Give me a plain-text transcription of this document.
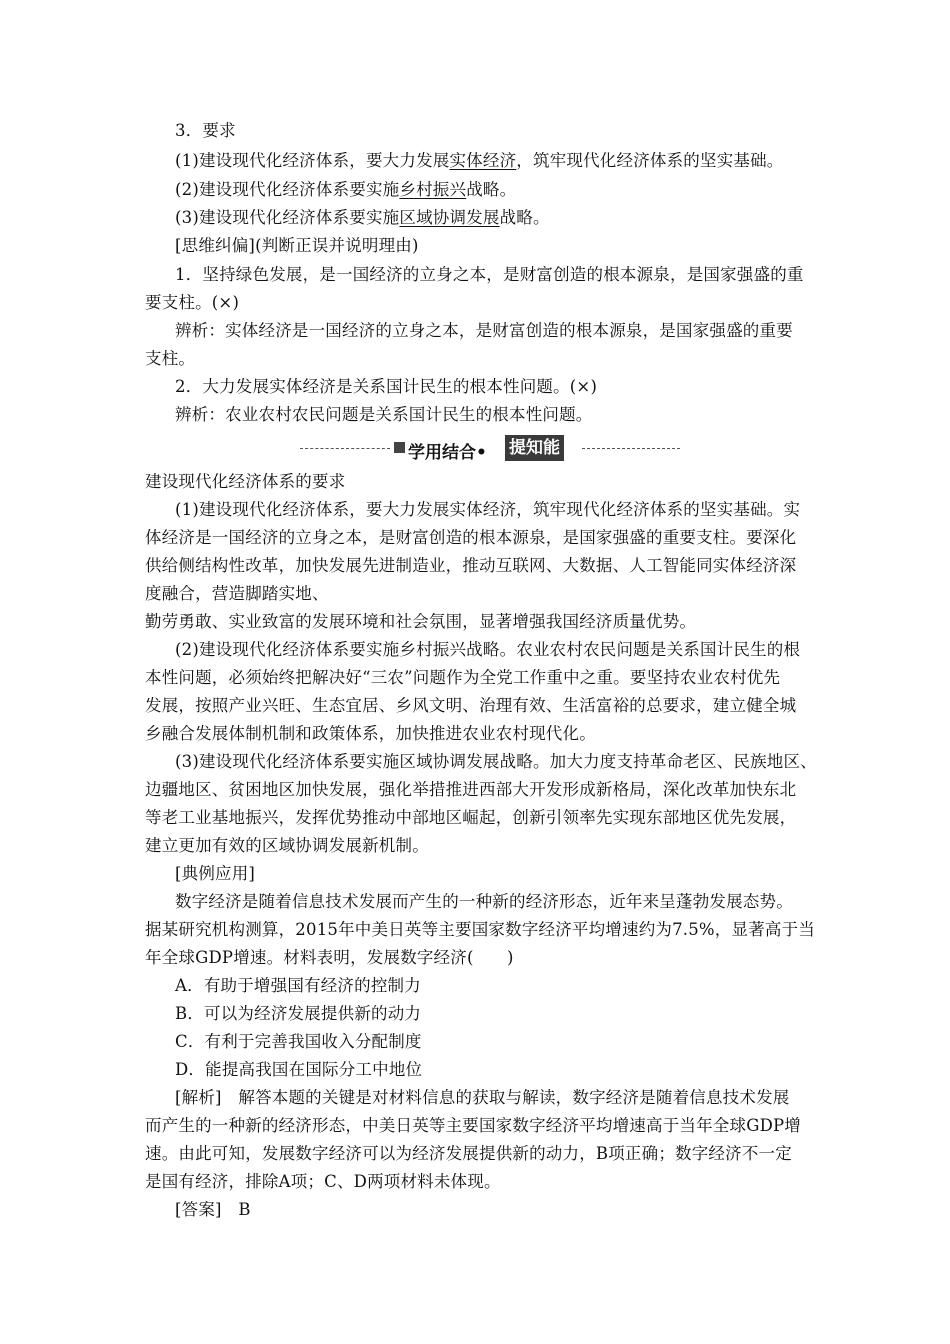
3．要求
(1)建设现代化经济体系，要大力发展实体经济，筑牢现代化经济体系的坚实基础。
(2)建设现代化经济体系要实施乡村振兴战略。
(3)建设现代化经济体系要实施区域协调发展战略。
[思维纠偏](判断正误并说明理由)
1．坚持绿色发展，是一国经济的立身之本，是财富创造的根本源泉，是国家强盛的重
要支柱。(×)
辨析：实体经济是一国经济的立身之本，是财富创造的根本源泉，是国家强盛的重要
支柱。
2．大力发展实体经济是关系国计民生的根本性问题。(×)
辨析：农业农村农民问题是关系国计民生的根本性问题。
学用结合• 提知能
建设现代化经济体系的要求
(1)建设现代化经济体系，要大力发展实体经济，筑牢现代化经济体系的坚实基础。实
体经济是一国经济的立身之本，是财富创造的根本源泉，是国家强盛的重要支柱。要深化
供给侧结构性改革，加快发展先进制造业，推动互联网、大数据、人工智能同实体经济深
度融合，营造脚踏实地、
勤劳勇敢、实业致富的发展环境和社会氛围，显著增强我国经济质量优势。
(2)建设现代化经济体系要实施乡村振兴战略。农业农村农民问题是关系国计民生的根
本性问题，必须始终把解决好“三农”问题作为全党工作重中之重。要坚持农业农村优先
发展，按照产业兴旺、生态宜居、乡风文明、治理有效、生活富裕的总要求，建立健全城
乡融合发展体制机制和政策体系，加快推进农业农村现代化。
(3)建设现代化经济体系要实施区域协调发展战略。加大力度支持革命老区、民族地区、
边疆地区、贫困地区加快发展，强化举措推进西部大开发形成新格局，深化改革加快东北
等老工业基地振兴，发挥优势推动中部地区崛起，创新引领率先实现东部地区优先发展，
建立更加有效的区域协调发展新机制。
[典例应用]
数字经济是随着信息技术发展而产生的一种新的经济形态，近年来呈蓬勃发展态势。
据某研究机构测算，2015年中美日英等主要国家数字经济平均增速约为7.5%，显著高于当
年全球GDP增速。材料表明，发展数字经济(　　)
A．有助于增强国有经济的控制力
B．可以为经济发展提供新的动力
C．有利于完善我国收入分配制度
D．能提高我国在国际分工中地位
[解析]　解答本题的关键是对材料信息的获取与解读，数字经济是随着信息技术发展
而产生的一种新的经济形态，中美日英等主要国家数字经济平均增速高于当年全球GDP增
速。由此可知，发展数字经济可以为经济发展提供新的动力，B项正确；数字经济不一定
是国有经济，排除A项；C、D两项材料未体现。
[答案]　B
